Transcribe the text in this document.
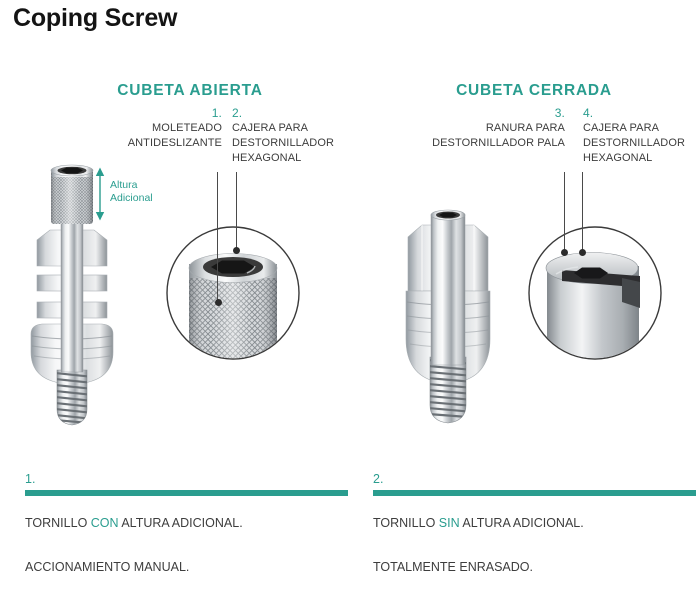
Coping Screw
CUBETA ABIERTA
1.
MOLETEADO
ANTIDESLIZANTE
2.
CAJERA PARA
DESTORNILLADOR
HEXAGONAL
Altura
Adicional

1.

TORNILLO CON ALTURA ADICIONAL.

ACCIONAMIENTO MANUAL.

CUBETA CERRADA
3.
RANURA PARA
DESTORNILLADOR PALA
4.
CAJERA PARA
DESTORNILLADOR
HEXAGONAL

2.

TORNILLO SIN ALTURA ADICIONAL.

TOTALMENTE ENRASADO.
